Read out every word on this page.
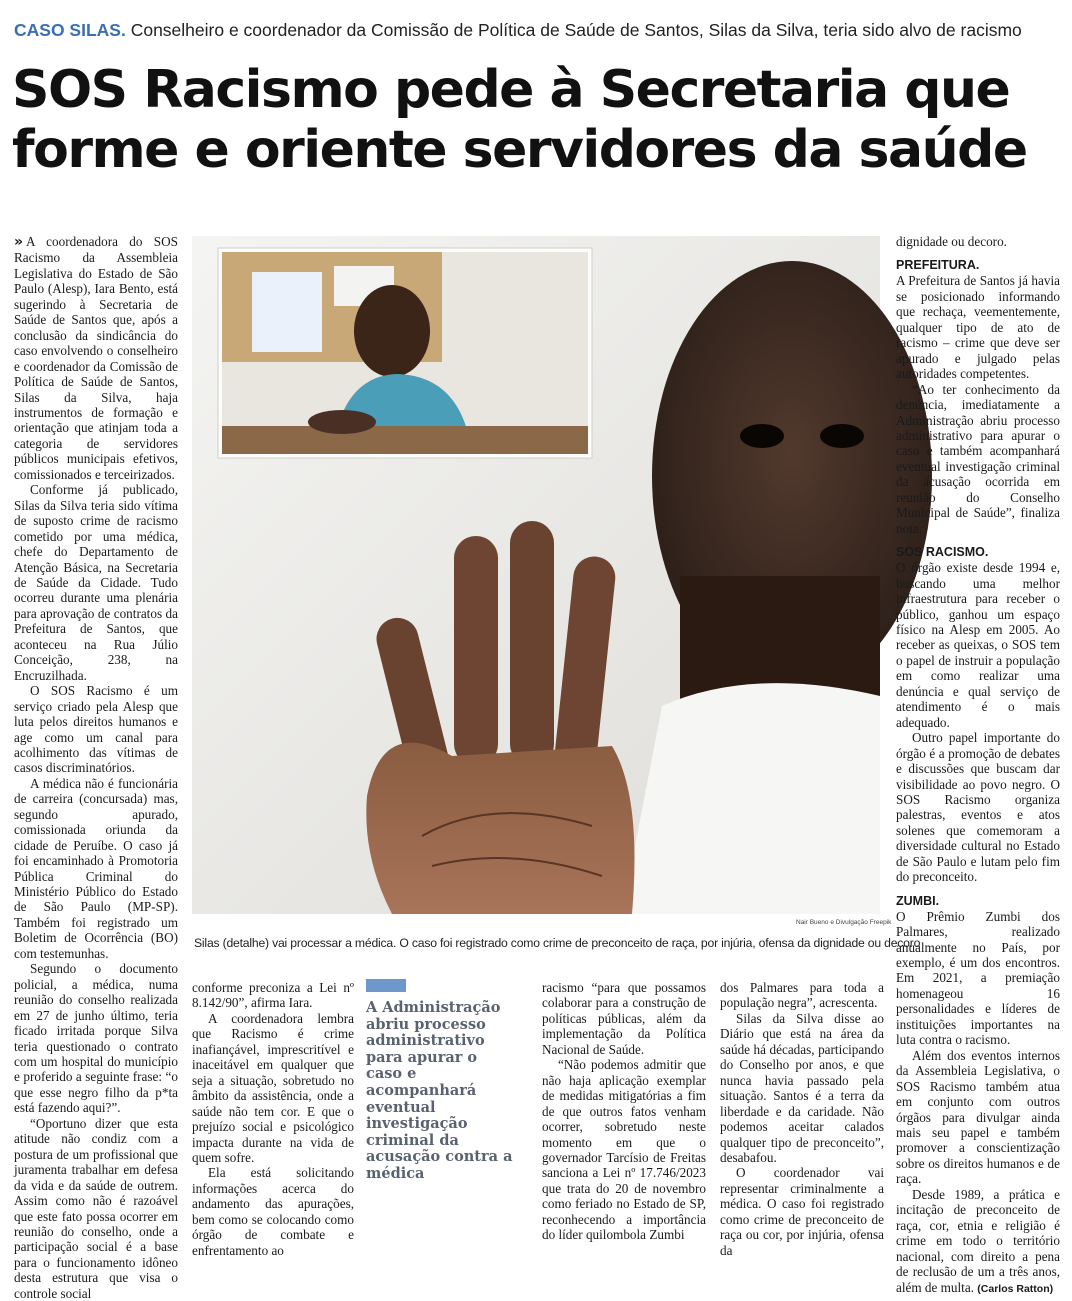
CASO SILAS. Conselheiro e coordenador da Comissão de Política de Saúde de Santos, Silas da Silva, teria sido alvo de racismo
SOS Racismo pede à Secretaria que forme e oriente servidores da saúde

» A coordenadora do SOS Racismo da Assembleia Legislativa do Estado de São Paulo (Alesp), Iara Bento, está sugerindo à Secretaria de Saúde de Santos que, após a conclusão da sindicância do caso envolvendo o conselheiro e coordenador da Comissão de Política de Saúde de Santos, Silas da Silva, haja instrumentos de formação e orientação que atinjam toda a categoria de servidores públicos municipais efetivos, comissionados e terceirizados.

Conforme já publicado, Silas da Silva teria sido vítima de suposto crime de racismo cometido por uma médica, chefe do Departamento de Atenção Básica, na Secretaria de Saúde da Cidade. Tudo ocorreu durante uma plenária para aprovação de contratos da Prefeitura de Santos, que aconteceu na Rua Júlio Conceição, 238, na Encruzilhada.

O SOS Racismo é um serviço criado pela Alesp que luta pelos direitos humanos e age como um canal para acolhimento das vítimas de casos discriminatórios.

A médica não é funcionária de carreira (concursada) mas, segundo apurado, comissionada oriunda da cidade de Peruíbe. O caso já foi encaminhado à Promotoria Pública Criminal do Ministério Público do Estado de São Paulo (MP-SP). Também foi registrado um Boletim de Ocorrência (BO) com testemunhas.

Segundo o documento policial, a médica, numa reunião do conselho realizada em 27 de junho último, teria ficado irritada porque Silva teria questionado o contrato com um hospital do município e proferido a seguinte frase: “o que esse negro filho da p*ta está fazendo aqui?”.

“Oportuno dizer que esta atitude não condiz com a postura de um profissional que juramenta trabalhar em defesa da vida e da saúde de outrem. Assim como não é razoável que este fato possa ocorrer em reunião do conselho, onde a participação social é a base para o funcionamento idôneo desta estrutura que visa o controle social

Nair Bueno e Divulgação Freepik
Silas (detalhe) vai processar a médica. O caso foi registrado como crime de preconceito de raça, por injúria, ofensa da dignidade ou decoro

conforme preconiza a Lei nº 8.142/90”, afirma Iara.

A coordenadora lembra que Racismo é crime inafiançável, imprescritível e inaceitável em qualquer que seja a situação, sobretudo no âmbito da assistência, onde a saúde não tem cor. E que o prejuízo social e psicológico impacta durante na vida de quem sofre.

Ela está solicitando informações acerca do andamento das apurações, bem como se colocando como órgão de combate e enfrentamento ao

A Administração abriu processo administrativo para apurar o caso e acompanhará eventual investigação criminal da acusação contra a médica

racismo “para que possamos colaborar para a construção de políticas públicas, além da implementação da Política Nacional de Saúde.

“Não podemos admitir que não haja aplicação exemplar de medidas mitigatórias a fim de que outros fatos venham ocorrer, sobretudo neste momento em que o governador Tarcísio de Freitas sanciona a Lei nº 17.746/2023 que trata do 20 de novembro como feriado no Estado de SP, reconhecendo a importância do líder quilombola Zumbi

dos Palmares para toda a população negra”, acrescenta.

Silas da Silva disse ao Diário que está na área da saúde há décadas, participando do Conselho por anos, e que nunca havia passado pela situação. Santos é a terra da liberdade e da caridade. Não podemos aceitar calados qualquer tipo de preconceito”, desabafou.

O coordenador vai representar criminalmente a médica. O caso foi registrado como crime de preconceito de raça ou cor, por injúria, ofensa da

dignidade ou decoro.

PREFEITURA.

A Prefeitura de Santos já havia se posicionado informando que rechaça, veementemente, qualquer tipo de ato de racismo – crime que deve ser apurado e julgado pelas autoridades competentes.

“Ao ter conhecimento da denúncia, imediatamente a Administração abriu processo administrativo para apurar o caso e também acompanhará eventual investigação criminal da acusação ocorrida em reunião do Conselho Municipal de Saúde”, finaliza nota.

SOS RACISMO.

O órgão existe desde 1994 e, buscando uma melhor infraestrutura para receber o público, ganhou um espaço físico na Alesp em 2005. Ao receber as queixas, o SOS tem o papel de instruir a população em como realizar uma denúncia e qual serviço de atendimento é o mais adequado.

Outro papel importante do órgão é a promoção de debates e discussões que buscam dar visibilidade ao povo negro. O SOS Racismo organiza palestras, eventos e atos solenes que comemoram a diversidade cultural no Estado de São Paulo e lutam pelo fim do preconceito.

ZUMBI.

O Prêmio Zumbi dos Palmares, realizado anualmente no País, por exemplo, é um dos encontros. Em 2021, a premiação homenageou 16 personalidades e líderes de instituições importantes na luta contra o racismo.

Além dos eventos internos da Assembleia Legislativa, o SOS Racismo também atua em conjunto com outros órgãos para divulgar ainda mais seu papel e também promover a conscientização sobre os direitos humanos e de raça.

Desde 1989, a prática e incitação de preconceito de raça, cor, etnia e religião é crime em todo o território nacional, com direito a pena de reclusão de um a três anos, além de multa. (Carlos Ratton)
